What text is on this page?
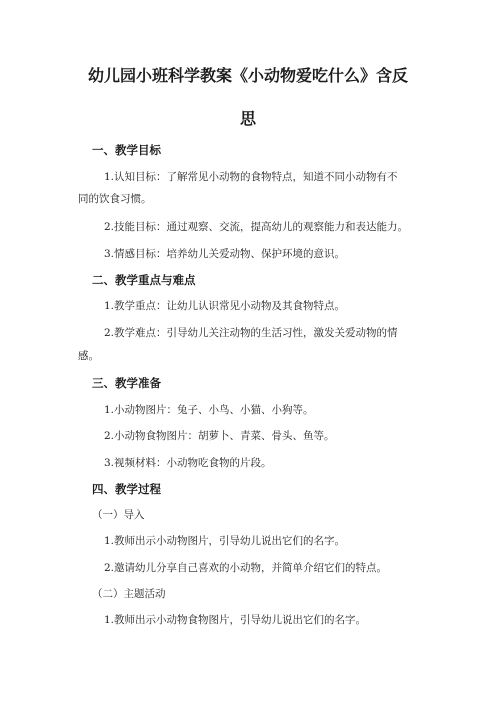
幼儿园小班科学教案《小动物爱吃什么》含反
思
一、教学目标
1.认知目标：了解常见小动物的食物特点，知道不同小动物有不
同的饮食习惯。
2.技能目标：通过观察、交流，提高幼儿的观察能力和表达能力。
3.情感目标：培养幼儿关爱动物、保护环境的意识。
二、教学重点与难点
1.教学重点：让幼儿认识常见小动物及其食物特点。
2.教学难点：引导幼儿关注动物的生活习性，激发关爱动物的情
感。
三、教学准备
1.小动物图片：兔子、小鸟、小猫、小狗等。
2.小动物食物图片：胡萝卜、青菜、骨头、鱼等。
3.视频材料：小动物吃食物的片段。
四、教学过程
（一）导入
1.教师出示小动物图片，引导幼儿说出它们的名字。
2.邀请幼儿分享自己喜欢的小动物，并简单介绍它们的特点。
（二）主题活动
1.教师出示小动物食物图片，引导幼儿说出它们的名字。
